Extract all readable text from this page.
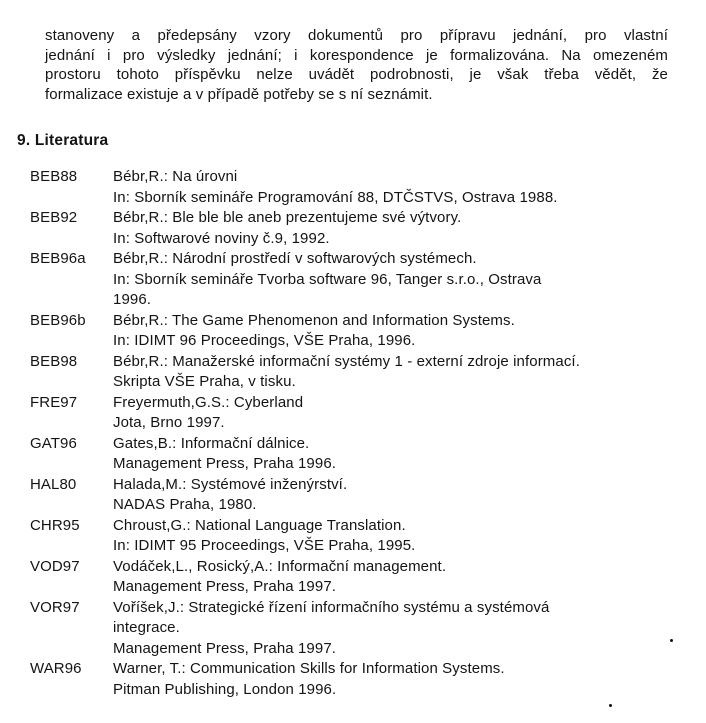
stanoveny a předepsány vzory dokumentů pro přípravu jednání, pro vlastní
jednání i pro výsledky jednání; i korespondence je formalizována. Na omezeném
prostoru tohoto příspěvku nelze uvádět podrobnosti, je však třeba vědět, že
formalizace existuje a v případě potřeby se s ní seznámit.
9. Literatura
BEB88	Bébr,R.: Na úrovni
In: Sborník semináře Programování 88, DTČSTVS, Ostrava 1988.
BEB92	Bébr,R.: Ble ble ble aneb prezentujeme své výtvory.
In: Softwarové noviny č.9, 1992.
BEB96a	Bébr,R.: Národní prostředí v softwarových systémech.
In: Sborník semináře Tvorba software 96, Tanger s.r.o., Ostrava
1996.
BEB96b	Bébr,R.: The Game Phenomenon and Information Systems.
In: IDIMT 96 Proceedings, VŠE Praha, 1996.
BEB98	Bébr,R.: Manažerské informační systémy 1 - externí zdroje informací.
Skripta VŠE Praha, v tisku.
FRE97	Freyermuth,G.S.: Cyberland
Jota, Brno 1997.
GAT96	Gates,B.: Informační dálnice.
Management Press, Praha 1996.
HAL80	Halada,M.: Systémové inženýrství.
NADAS Praha, 1980.
CHR95	Chroust,G.: National Language Translation.
In: IDIMT 95 Proceedings, VŠE Praha, 1995.
VOD97	Vodáček,L., Rosický,A.: Informační management.
Management Press, Praha 1997.
VOR97	Voříšek,J.: Strategické řízení informačního systému a systémová
integrace.
Management Press, Praha 1997.
WAR96	Warner, T.: Communication Skills for Information Systems.
Pitman Publishing, London 1996.
